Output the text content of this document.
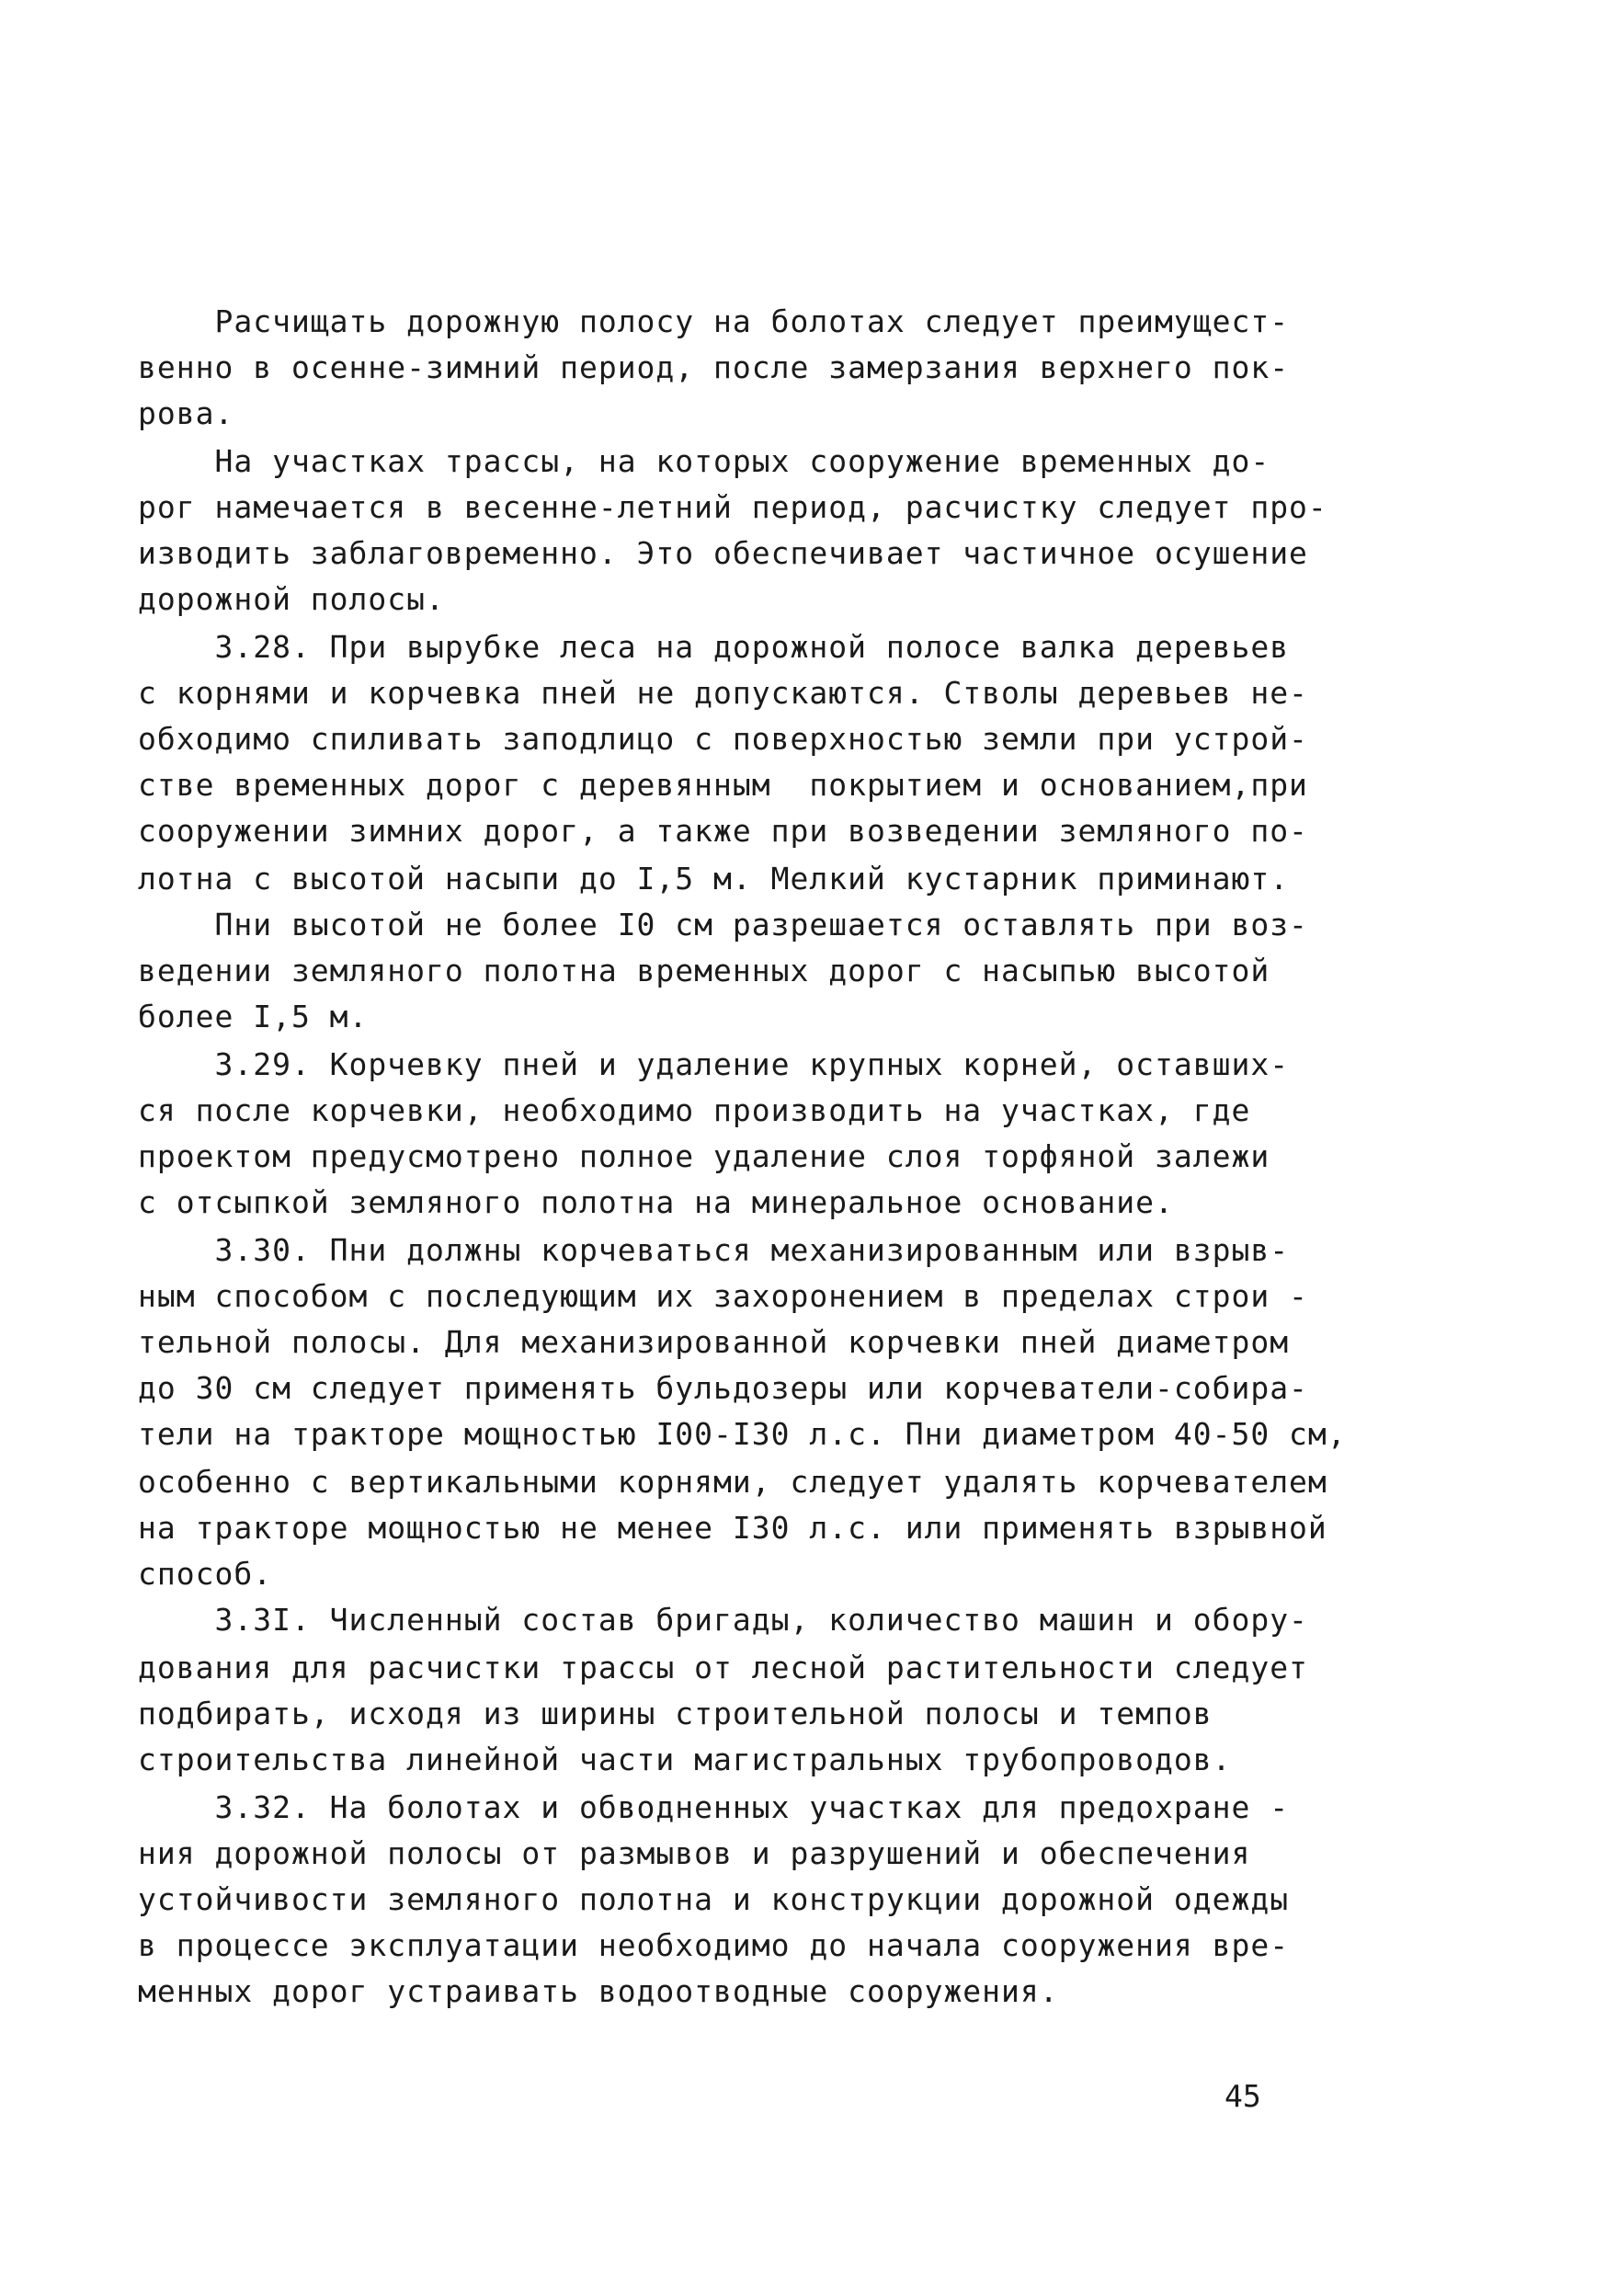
Расчищать дорожную полосу на болотах следует преимущест-
венно в осенне-зимний период, после замерзания верхнего пок-
рова.
На участках трассы, на которых сооружение временных до-
рог намечается в весенне-летний период, расчистку следует про-
изводить заблаговременно. Это обеспечивает частичное осушение
дорожной полосы.
3.28. При вырубке леса на дорожной полосе валка деревьев
с корнями и корчевка пней не допускаются. Стволы деревьев не-
обходимо спиливать заподлицо с поверхностью земли при устрой-
стве временных дорог с деревянным  покрытием и основанием,при
сооружении зимних дорог, а также при возведении земляного по-
лотна с высотой насыпи до I,5 м. Мелкий кустарник приминают.
Пни высотой не более I0 см разрешается оставлять при воз-
ведении земляного полотна временных дорог с насыпью высотой
более I,5 м.
3.29. Корчевку пней и удаление крупных корней, оставших-
ся после корчевки, необходимо производить на участках, где
проектом предусмотрено полное удаление слоя торфяной залежи
с отсыпкой земляного полотна на минеральное основание.
3.30. Пни должны корчеваться механизированным или взрыв-
ным способом с последующим их захоронением в пределах строи -
тельной полосы. Для механизированной корчевки пней диаметром
до 30 см следует применять бульдозеры или корчеватели-собира-
тели на тракторе мощностью I00-I30 л.с. Пни диаметром 40-50 см,
особенно с вертикальными корнями, следует удалять корчевателем
на тракторе мощностью не менее I30 л.с. или применять взрывной
способ.
3.3I. Численный состав бригады, количество машин и обору-
дования для расчистки трассы от лесной растительности следует
подбирать, исходя из ширины строительной полосы и темпов
строительства линейной части магистральных трубопроводов.
3.32. На болотах и обводненных участках для предохране -
ния дорожной полосы от размывов и разрушений и обеспечения
устойчивости земляного полотна и конструкции дорожной одежды
в процессе эксплуатации необходимо до начала сооружения вре-
менных дорог устраивать водоотводные сооружения.
45
